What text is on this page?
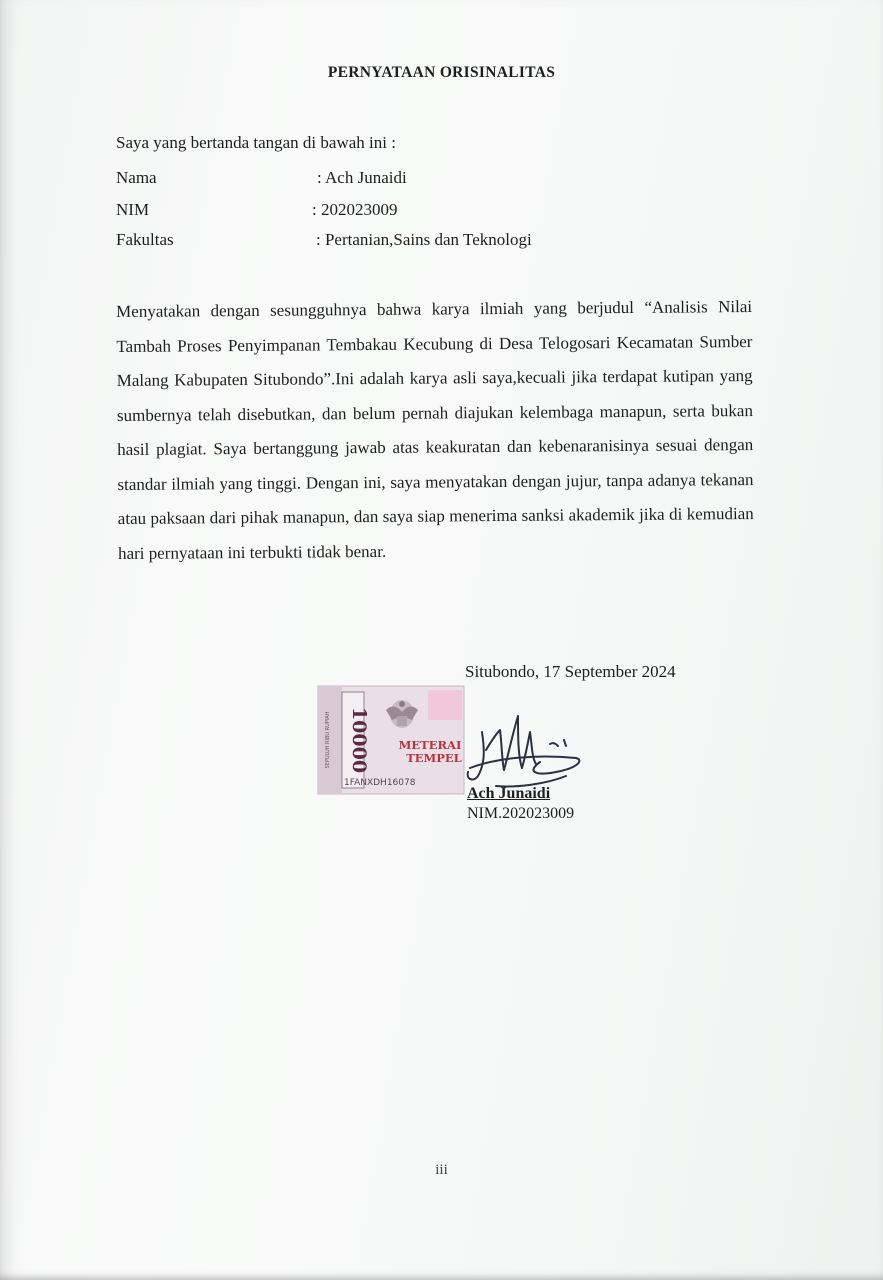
PERNYATAAN ORISINALITAS
Saya yang bertanda tangan di bawah ini :
Nama	: Ach Junaidi
NIM	: 202023009
Fakultas	: Pertanian,Sains dan Teknologi
Menyatakan dengan sesungguhnya bahwa karya ilmiah yang berjudul “Analisis Nilai Tambah Proses Penyimpanan Tembakau Kecubung di Desa Telogosari Kecamatan Sumber Malang Kabupaten Situbondo”.Ini adalah karya asli saya,kecuali jika terdapat kutipan yang sumbernya telah disebutkan, dan belum pernah diajukan kelembaga manapun, serta bukan hasil plagiat. Saya bertanggung jawab atas keakuratan dan kebenaranisinya sesuai dengan standar ilmiah yang tinggi. Dengan ini, saya menyatakan dengan jujur, tanpa adanya tekanan atau paksaan dari pihak manapun, dan saya siap menerima sanksi akademik jika di kemudian hari pernyataan ini terbukti tidak benar.
Situbondo, 17 September 2024
10000
SEPULUH RIBU RUPIAH	METERAI
TEMPEL
1FANXDH16078
Ach Junaidi
NIM.202023009
iii
